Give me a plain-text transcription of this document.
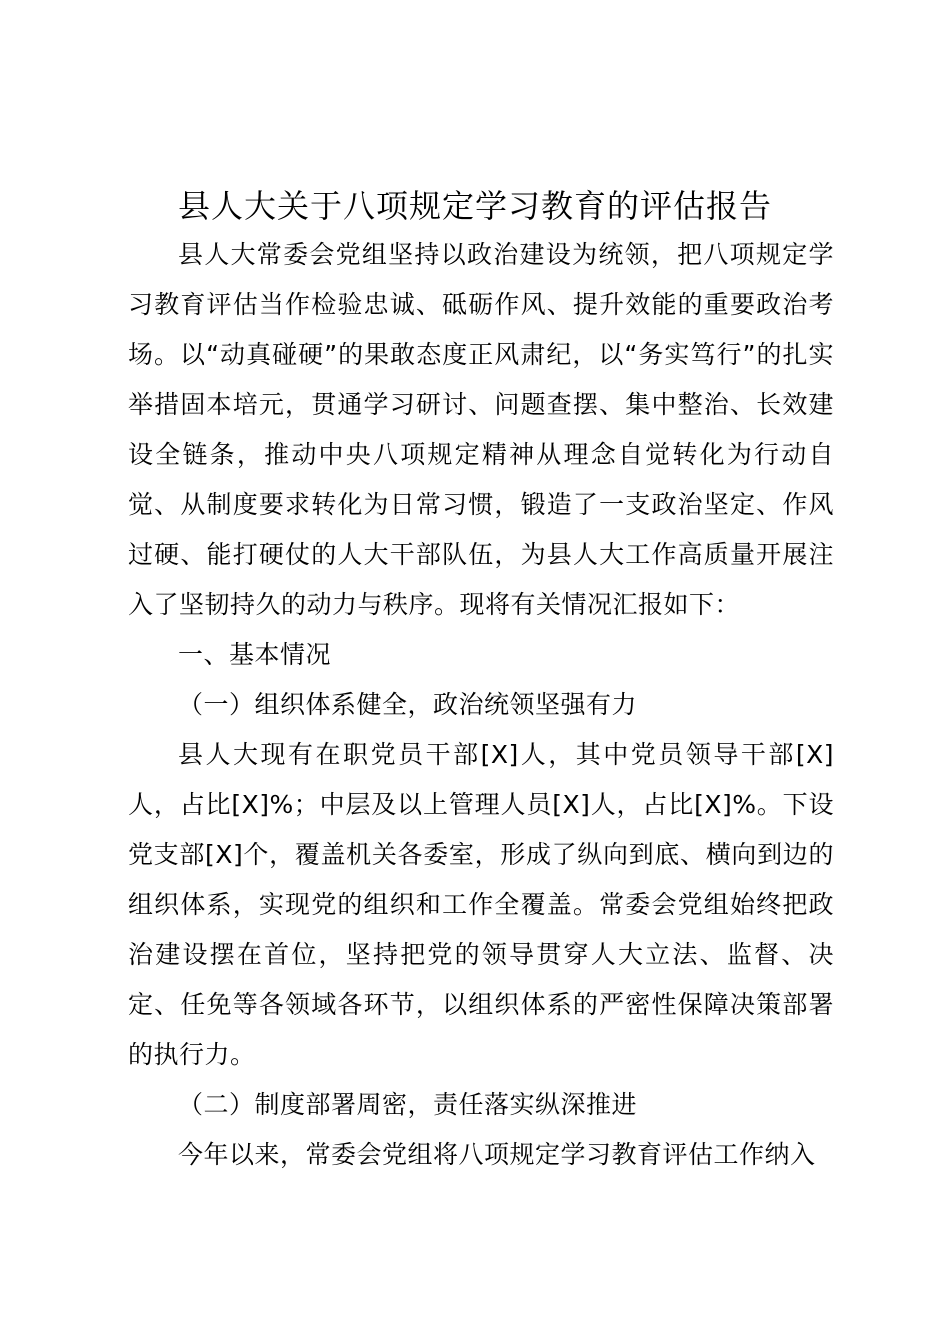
县人大关于八项规定学习教育的评估报告

县人大常委会党组坚持以政治建设为统领，把八项规定学习教育评估当作检验忠诚、砥砺作风、提升效能的重要政治考场。以“动真碰硬”的果敢态度正风肃纪，以“务实笃行”的扎实举措固本培元，贯通学习研讨、问题查摆、集中整治、长效建设全链条，推动中央八项规定精神从理念自觉转化为行动自觉、从制度要求转化为日常习惯，锻造了一支政治坚定、作风过硬、能打硬仗的人大干部队伍，为县人大工作高质量开展注入了坚韧持久的动力与秩序。现将有关情况汇报如下：

一、基本情况

（一）组织体系健全，政治统领坚强有力

县人大现有在职党员干部[X]人，其中党员领导干部[X]人，占比[X]%；中层及以上管理人员[X]人，占比[X]%。下设党支部[X]个，覆盖机关各委室，形成了纵向到底、横向到边的组织体系，实现党的组织和工作全覆盖。常委会党组始终把政治建设摆在首位，坚持把党的领导贯穿人大立法、监督、决定、任免等各领域各环节，以组织体系的严密性保障决策部署的执行力。

（二）制度部署周密，责任落实纵深推进

今年以来，常委会党组将八项规定学习教育评估工作纳入
